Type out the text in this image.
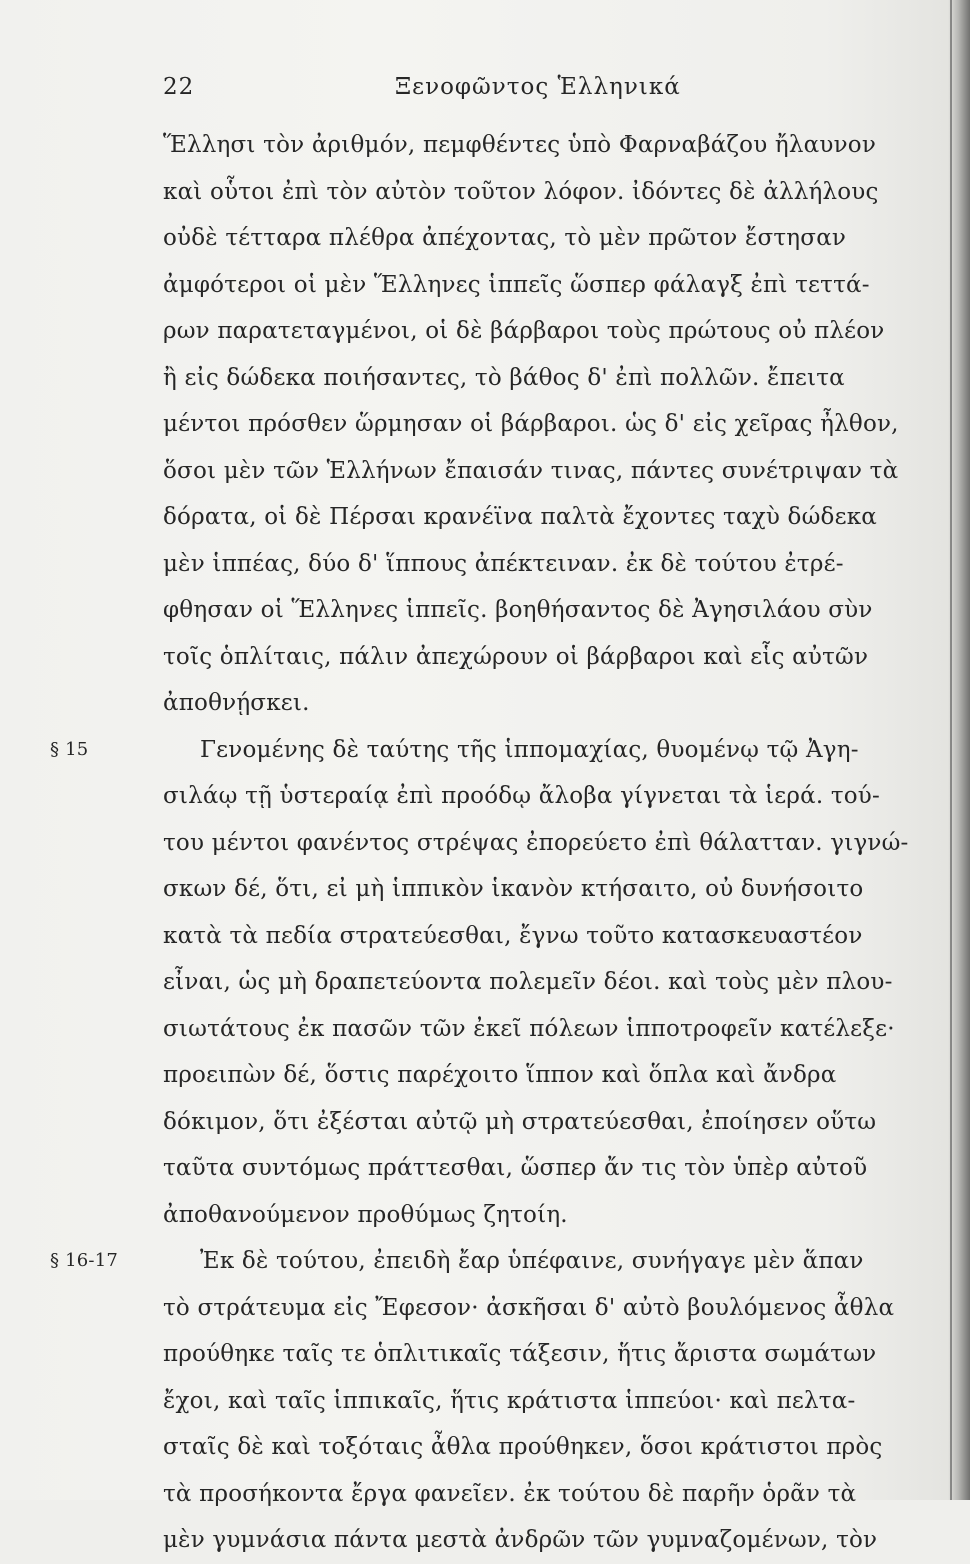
22	Ξενοφῶντος Ἑλληνικά
Ἕλλησι τὸν ἀριθμόν, πεμφθέντες ὑπὸ Φαρναβάζου ἤλαυνον
καὶ οὗτοι ἐπὶ τὸν αὐτὸν τοῦτον λόφον. ἰδόντες δὲ ἀλλήλους
οὐδὲ τέτταρα πλέθρα ἀπέχοντας, τὸ μὲν πρῶτον ἔστησαν
ἀμφότεροι οἱ μὲν Ἕλληνες ἱππεῖς ὥσπερ φάλαγξ ἐπὶ τεττά-
ρων παρατεταγμένοι, οἱ δὲ βάρβαροι τοὺς πρώτους οὐ πλέον
ἢ εἰς δώδεκα ποιήσαντες, τὸ βάθος δ' ἐπὶ πολλῶν. ἔπειτα
μέντοι πρόσθεν ὥρμησαν οἱ βάρβαροι. ὡς δ' εἰς χεῖρας ἦλθον,
ὅσοι μὲν τῶν Ἑλλήνων ἔπαισάν τινας, πάντες συνέτριψαν τὰ
δόρατα, οἱ δὲ Πέρσαι κρανέϊνα παλτὰ ἔχοντες ταχὺ δώδεκα
μὲν ἱππέας, δύο δ' ἵππους ἀπέκτειναν. ἐκ δὲ τούτου ἐτρέ-
φθησαν οἱ Ἕλληνες ἱππεῖς. βοηθήσαντος δὲ Ἀγησιλάου σὺν
τοῖς ὁπλίταις, πάλιν ἀπεχώρουν οἱ βάρβαροι καὶ εἷς αὐτῶν
ἀποθνῄσκει.
§ 15	Γενομένης δὲ ταύτης τῆς ἱππομαχίας, θυομένῳ τῷ Ἀγη-
σιλάῳ τῇ ὑστεραίᾳ ἐπὶ προόδῳ ἄλοβα γίγνεται τὰ ἱερά. τού-
του μέντοι φανέντος στρέψας ἐπορεύετο ἐπὶ θάλατταν. γιγνώ-
σκων δέ, ὅτι, εἰ μὴ ἱππικὸν ἱκανὸν κτήσαιτο, οὐ δυνήσοιτο
κατὰ τὰ πεδία στρατεύεσθαι, ἔγνω τοῦτο κατασκευαστέον
εἶναι, ὡς μὴ δραπετεύοντα πολεμεῖν δέοι. καὶ τοὺς μὲν πλου-
σιωτάτους ἐκ πασῶν τῶν ἐκεῖ πόλεων ἱπποτροφεῖν κατέλεξε·
προειπὼν δέ, ὅστις παρέχοιτο ἵππον καὶ ὅπλα καὶ ἄνδρα
δόκιμον, ὅτι ἐξέσται αὐτῷ μὴ στρατεύεσθαι, ἐποίησεν οὕτω
ταῦτα συντόμως πράττεσθαι, ὥσπερ ἄν τις τὸν ὑπὲρ αὐτοῦ
ἀποθανούμενον προθύμως ζητοίη.
§ 16-17	Ἐκ δὲ τούτου, ἐπειδὴ ἔαρ ὑπέφαινε, συνήγαγε μὲν ἅπαν
τὸ στράτευμα εἰς Ἔφεσον· ἀσκῆσαι δ' αὐτὸ βουλόμενος ἆθλα
προύθηκε ταῖς τε ὁπλιτικαῖς τάξεσιν, ἥτις ἄριστα σωμάτων
ἔχοι, καὶ ταῖς ἱππικαῖς, ἥτις κράτιστα ἱππεύοι· καὶ πελτα-
σταῖς δὲ καὶ τοξόταις ἆθλα προύθηκεν, ὅσοι κράτιστοι πρὸς
τὰ προσήκοντα ἔργα φανεῖεν. ἐκ τούτου δὲ παρῆν ὁρᾶν τὰ
μὲν γυμνάσια πάντα μεστὰ ἀνδρῶν τῶν γυμναζομένων, τὸν
